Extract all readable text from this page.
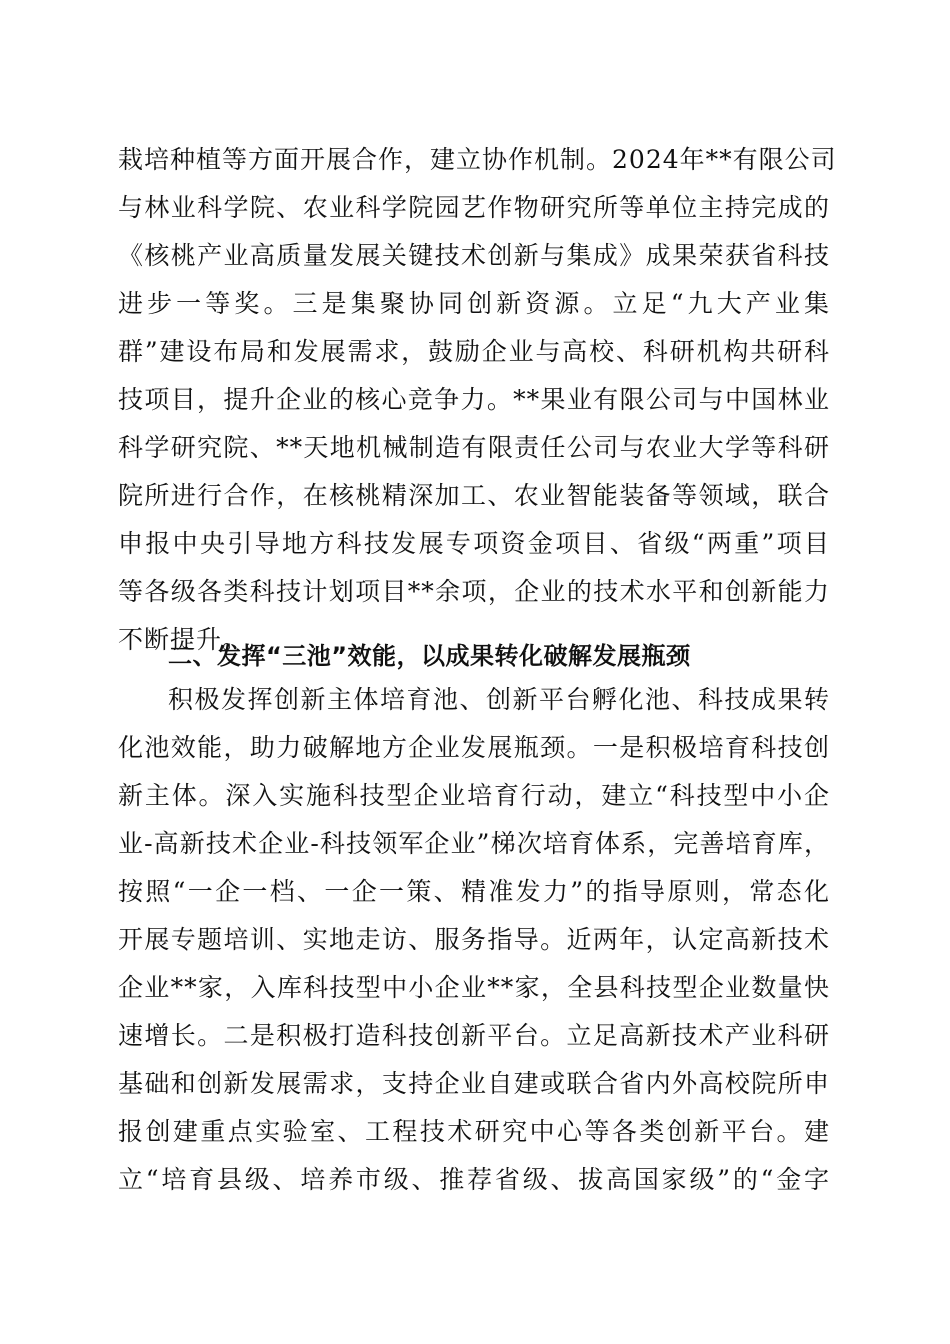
栽培种植等方面开展合作，建立协作机制。2024年**有限公司
与林业科学院、农业科学院园艺作物研究所等单位主持完成的
《核桃产业高质量发展关键技术创新与集成》成果荣获省科技
进步一等奖。三是集聚协同创新资源。立足“九大产业集
群”建设布局和发展需求，鼓励企业与高校、科研机构共研科
技项目，提升企业的核心竞争力。**果业有限公司与中国林业
科学研究院、**天地机械制造有限责任公司与农业大学等科研
院所进行合作，在核桃精深加工、农业智能装备等领域，联合
申报中央引导地方科技发展专项资金项目、省级“两重”项目
等各级各类科技计划项目**余项，企业的技术水平和创新能力
不断提升。
二、发挥“三池”效能，以成果转化破解发展瓶颈
积极发挥创新主体培育池、创新平台孵化池、科技成果转
化池效能，助力破解地方企业发展瓶颈。一是积极培育科技创
新主体。深入实施科技型企业培育行动，建立“科技型中小企
业-高新技术企业-科技领军企业”梯次培育体系，完善培育库，
按照“一企一档、一企一策、精准发力”的指导原则，常态化
开展专题培训、实地走访、服务指导。近两年，认定高新技术
企业**家，入库科技型中小企业**家，全县科技型企业数量快
速增长。二是积极打造科技创新平台。立足高新技术产业科研
基础和创新发展需求，支持企业自建或联合省内外高校院所申
报创建重点实验室、工程技术研究中心等各类创新平台。建
立“培育县级、培养市级、推荐省级、拔高国家级”的“金字
